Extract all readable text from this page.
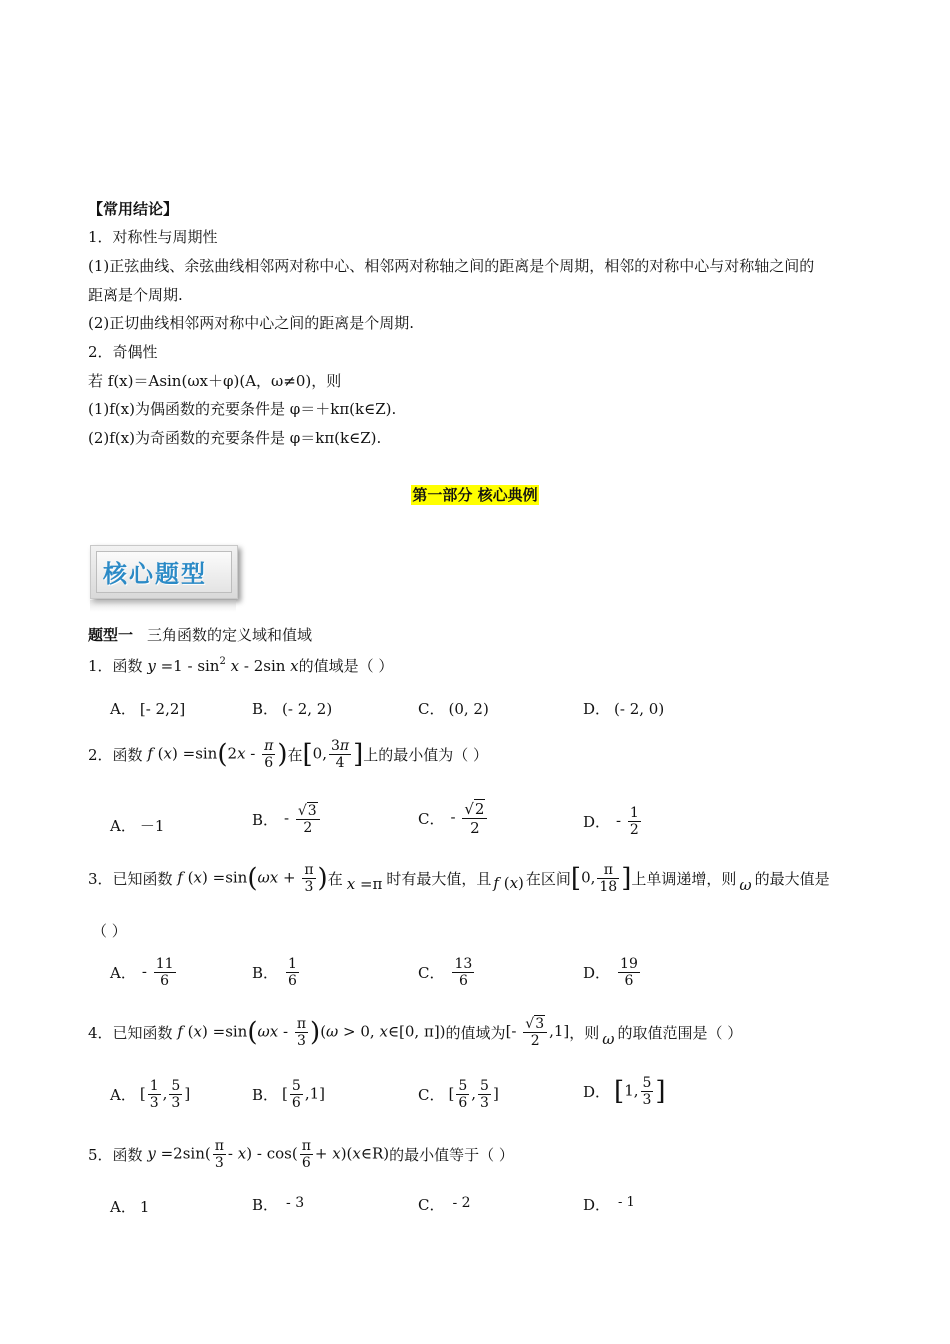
【常用结论】
1．对称性与周期性
(1)正弦曲线、余弦曲线相邻两对称中心、相邻两对称轴之间的距离是个周期，相邻的对称中心与对称轴之间的
距离是个周期.
(2)正切曲线相邻两对称中心之间的距离是个周期.
2．奇偶性
若 f(x)＝Asin(ωx＋φ)(A，ω≠0)，则
(1)f(x)为偶函数的充要条件是 φ＝＋kπ(k∈Z).
(2)f(x)为奇函数的充要条件是 φ＝kπ(k∈Z).
第一部分 核心典例
核心题型
题型一 三角函数的定义域和值域
1． 函数 $y =1 - \sin^2 x - 2\sin$ x 的值域是（ ）
A． [- 2,2]	B． (- 2, 2)	C． (0, 2)	D． (- 2, 0)
2． 函数 f $(x) =\sin(2x - \frac{\pi}{6}$ ) 在 [0, $\frac{3\pi}{4}$ ] 上的最小值为（ ）
A． －1	B． - $\frac{√3}{2}$	C． - $\frac{√2}{2}$	D． - $\frac{1}{2}$
3． 已知函数 f $(x) =\sin(\omega x + \frac{\pi}{3}$ ) 在 x =π 时有最大值，且 f (x) 在区间 [0, $\frac{\pi}{18}$ ] 上单调递增，则 ω 的最大值是
（ ）
A． - $\frac{11}{6}$	B． $\frac{1}{6}$	C． $\frac{13}{6}$	D． $\frac{19}{6}$
4． 已知函数 f $(x) =\sin(\omega x - \frac{\pi}{3} )(\omega > 0$, x∈[0, π]) 的值域为 [- $\frac{√3}{2} ,1$] ，则 ω 的取值范围是（ ）
A． [ $\frac{1}{3}$ , $\frac{5}{3}$ ]	B． [ $\frac{5}{6} ,1$]	C． [ $\frac{5}{6}$ , $\frac{5}{3}$ ]	D． [1, $\frac{5}{3}$ ]
5． 函数 $y =2\sin( \frac{\pi}{3} - x) - \cos( \frac{\pi}{6}$ + x)(x∈R) 的最小值等于（ ）
A． 1	B． - 3	C． - 2	D． - 1
